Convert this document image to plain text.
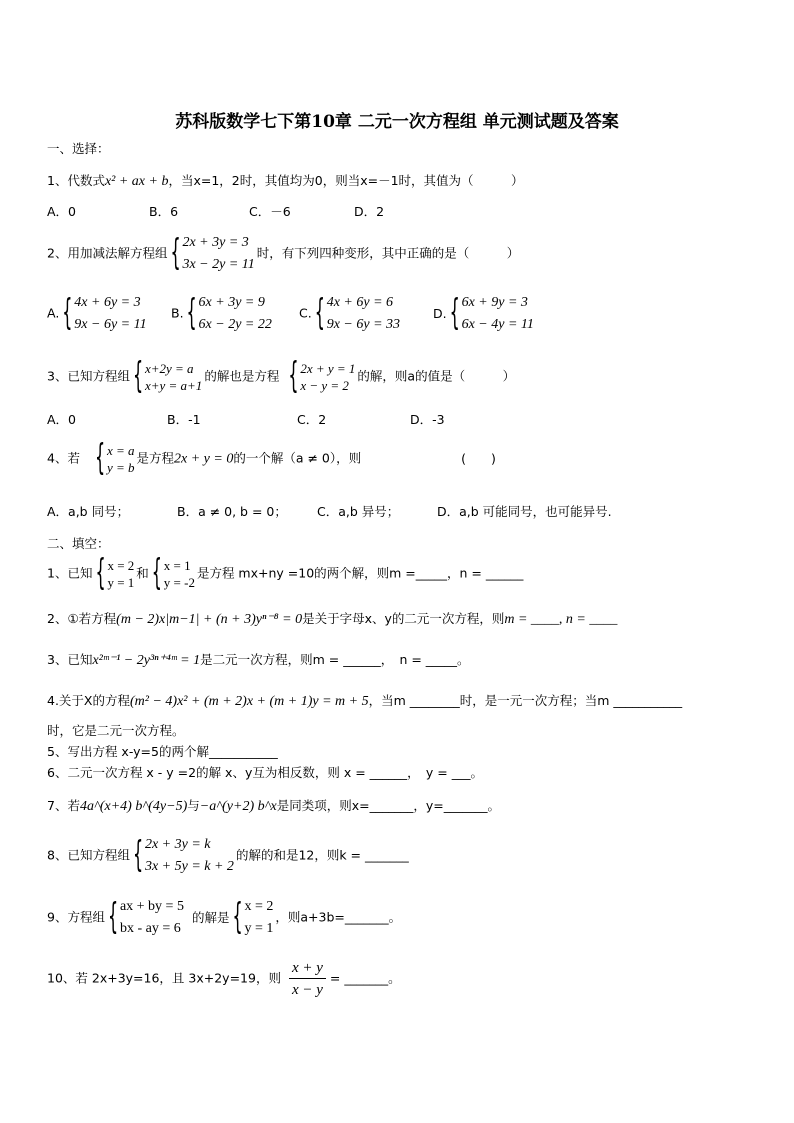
苏科版数学七下第10章 二元一次方程组 单元测试题及答案
一、选择：
1、代数式x² + ax + b，当x=1，2时，其值均为0，则当x=－1时，其值为（　　　）
A．0	B．6	C．－6	D．2
2、用加减法解方程组
{ 2x + 3y = 3
3x − 2y = 11
时，有下列四种变形，其中正确的是（　　　）
A.
{ 4x + 6y = 3
9x − 6y = 11
B.
{ 6x + 3y = 9
6x − 2y = 22
C.
{ 4x + 6y = 6
9x − 6y = 33
D.
{ 6x + 9y = 3
6x − 4y = 11
3、已知方程组 { x+2y = a
x+y = a+1
的解也是方程 { 2x + y = 1
x − y = 2
的解，则a的值是（　　　）
A．0	B．-1	C．2	D．-3
4、若 { x = a
y = b
是方程2x + y = 0的一个解（a ≠ 0），则	(　　)
A．a,b 同号；	B．a ≠ 0, b = 0； C．a,b 异号；	D．a,b 可能同号，也可能异号.
二、填空：
1、已知 { x = 2
y = 1
和 { x = 1
y = -2
是方程 mx+ny =10的两个解，则m =_____，n = ______
2、①若方程(m − 2)x|m−1| + (n + 3)yⁿ⁻⁸ = 0是关于字母x、y的二元一次方程，则m = ____, n = ____
3、已知x²ᵐ⁻¹ − 2y³ⁿ⁺⁴ᵐ = 1是二元一次方程，则m = ______，　n = _____。
4.关于X的方程(m² − 4)x² + (m + 2)x + (m + 1)y = m + 5，当m ________时，是一元一次方程；当m ___________
时，它是二元一次方程。
5、写出方程 x-y=5的两个解___________
6、二元一次方程 x - y =2的解 x、y互为相反数，则 x = ______，　y = ___。
7、若4a^(x+4) b^(4y−5)与−a^(y+2) b^x是同类项，则x=_______，y=_______。
8、已知方程组
{ 2x + 3y = k
3x + 5y = k + 2
的解的和是12，则k = _______
9、方程组
{ ax + by = 5
bx - ay = 6
的解是
{ x = 2
y = 1
，则a+3b=_______。
10、若 2x+3y=16，且 3x+2y=19，则 $\frac{x + y}{x - y}$ = _______。
